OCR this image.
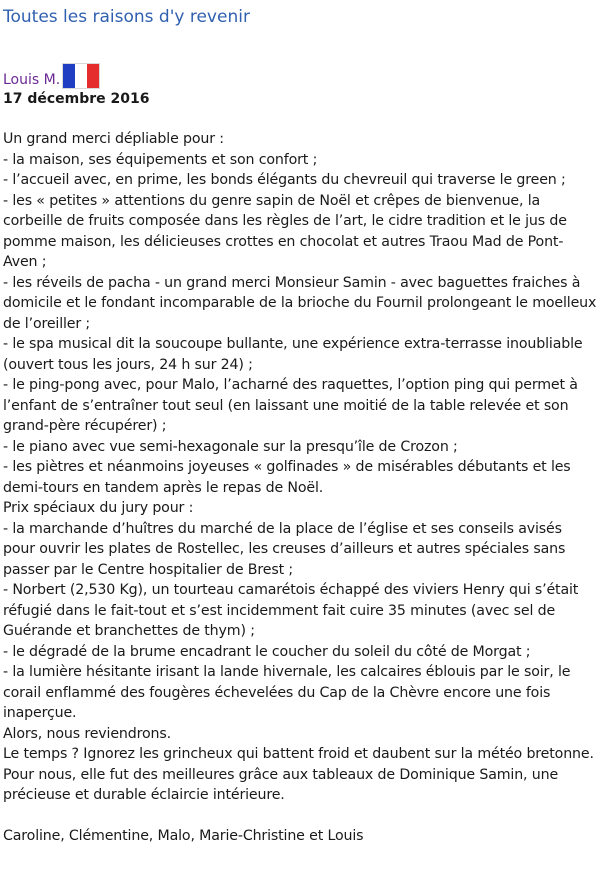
Toutes les raisons d'y revenir
Louis M.

17 décembre 2016

Un grand merci dépliable pour :

- la maison, ses équipements et son confort ;

- l’accueil avec, en prime, les bonds élégants du chevreuil qui traverse le green ;

- les « petites » attentions du genre sapin de Noël et crêpes de bienvenue, la corbeille de fruits composée dans les règles de l’art, le cidre tradition et le jus de pomme maison, les délicieuses crottes en chocolat et autres Traou Mad de Pont-Aven ;

- les réveils de pacha - un grand merci Monsieur Samin - avec baguettes fraiches à domicile et le fondant incomparable de la brioche du Fournil prolongeant le moelleux de l’oreiller ;

- le spa musical dit la soucoupe bullante, une expérience extra-terrasse inoubliable (ouvert tous les jours, 24 h sur 24) ;

- le ping-pong avec, pour Malo, l’acharné des raquettes, l’option ping qui permet à l’enfant de s’entraîner tout seul (en laissant une moitié de la table relevée et son grand-père récupérer) ;

- le piano avec vue semi-hexagonale sur la presqu’île de Crozon ;

- les piètres et néanmoins joyeuses « golfinades » de misérables débutants et les demi-tours en tandem après le repas de Noël.

Prix spéciaux du jury pour :

- la marchande d’huîtres du marché de la place de l’église et ses conseils avisés pour ouvrir les plates de Rostellec, les creuses d’ailleurs et autres spéciales sans passer par le Centre hospitalier de Brest ;

- Norbert (2,530 Kg), un tourteau camarétois échappé des viviers Henry qui s’était réfugié dans le fait-tout et s’est incidemment fait cuire 35 minutes (avec sel de Guérande et branchettes de thym) ;

- le dégradé de la brume encadrant le coucher du soleil du côté de Morgat ;

- la lumière hésitante irisant la lande hivernale, les calcaires éblouis par le soir, le corail enflammé des fougères échevelées du Cap de la Chèvre encore une fois inaperçue.

Alors, nous reviendrons.

Le temps ? Ignorez les grincheux qui battent froid et daubent sur la météo bretonne. Pour nous, elle fut des meilleures grâce aux tableaux de Dominique Samin, une précieuse et durable éclaircie intérieure.

Caroline, Clémentine, Malo, Marie-Christine et Louis
